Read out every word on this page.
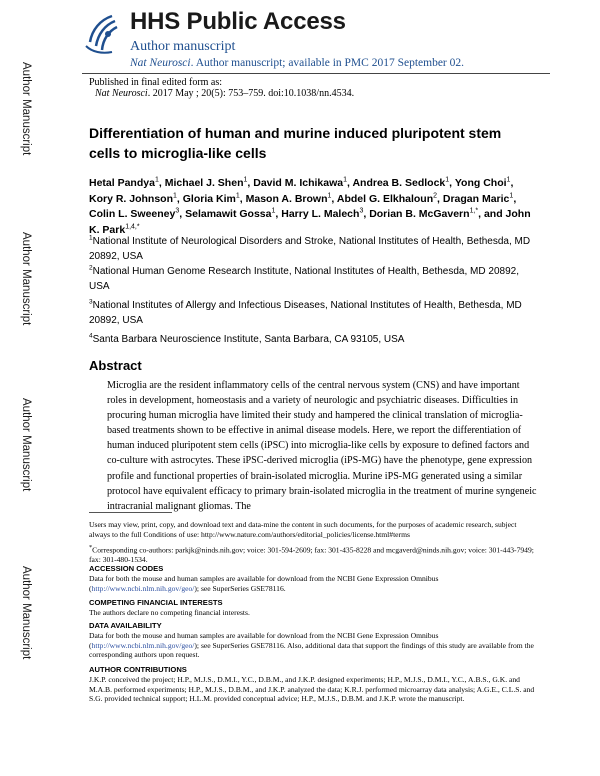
Author Manuscript
Author Manuscript
Author Manuscript
Author Manuscript
HHS Public Access
Author manuscript
Nat Neurosci. Author manuscript; available in PMC 2017 September 02.
Published in final edited form as:
Nat Neurosci. 2017 May ; 20(5): 753–759. doi:10.1038/nn.4534.
Differentiation of human and murine induced pluripotent stem cells to microglia-like cells
Hetal Pandya$^1$, Michael J. Shen$^1$, David M. Ichikawa$^1$, Andrea B. Sedlock$^1$, Yong Choi$^1$, Kory R. Johnson$^1$, Gloria Kim$^1$, Mason A. Brown$^1$, Abdel G. Elkhaloun$^2$, Dragan Maric$^1$, Colin L. Sweeney$^3$, Selamawit Gossa$^1$, Harry L. Malech$^3$, Dorian B. McGavern$^{1,*}$, and John K. Park$^{1,4,*}$
$^1$National Institute of Neurological Disorders and Stroke, National Institutes of Health, Bethesda, MD 20892, USA
$^2$National Human Genome Research Institute, National Institutes of Health, Bethesda, MD 20892, USA
$^3$National Institutes of Allergy and Infectious Diseases, National Institutes of Health, Bethesda, MD 20892, USA
$^4$Santa Barbara Neuroscience Institute, Santa Barbara, CA 93105, USA
Abstract
Microglia are the resident inflammatory cells of the central nervous system (CNS) and have important roles in development, homeostasis and a variety of neurologic and psychiatric diseases. Difficulties in procuring human microglia have limited their study and hampered the clinical translation of microglia-based treatments shown to be effective in animal disease models. Here, we report the differentiation of human induced pluripotent stem cells (iPSC) into microglia-like cells by exposure to defined factors and co-culture with astrocytes. These iPSC-derived microglia (iPS-MG) have the phenotype, gene expression profile and functional properties of brain-isolated microglia. Murine iPS-MG generated using a similar protocol have equivalent efficacy to primary brain-isolated microglia in the treatment of murine syngeneic intracranial malignant gliomas. The
Users may view, print, copy, and download text and data-mine the content in such documents, for the purposes of academic research, subject always to the full Conditions of use: http://www.nature.com/authors/editorial_policies/license.html#terms
*Corresponding co-authors: parkjk@ninds.nih.gov; voice: 301-594-2609; fax: 301-435-8228 and mcgaverd@ninds.nih.gov; voice: 301-443-7949; fax: 301-480-1534.
ACCESSION CODES
Data for both the mouse and human samples are available for download from the NCBI Gene Expression Omnibus (http://www.ncbi.nlm.nih.gov/geo/); see SuperSeries GSE78116.
COMPETING FINANCIAL INTERESTS
The authors declare no competing financial interests.
DATA AVAILABILITY
Data for both the mouse and human samples are available for download from the NCBI Gene Expression Omnibus (http://www.ncbi.nlm.nih.gov/geo/); see SuperSeries GSE78116. Also, additional data that support the findings of this study are available from the corresponding authors upon request.
AUTHOR CONTRIBUTIONS
J.K.P. conceived the project; H.P., M.J.S., D.M.I., Y.C., D.B.M., and J.K.P. designed experiments; H.P., M.J.S., D.M.I., Y.C., A.B.S., G.K. and M.A.B. performed experiments; H.P., M.J.S., D.B.M., and J.K.P. analyzed the data; K.R.J. performed microarray data analysis; A.G.E., C.L.S. and S.G. provided technical support; H.L.M. provided conceptual advice; H.P., M.J.S., D.B.M. and J.K.P. wrote the manuscript.
